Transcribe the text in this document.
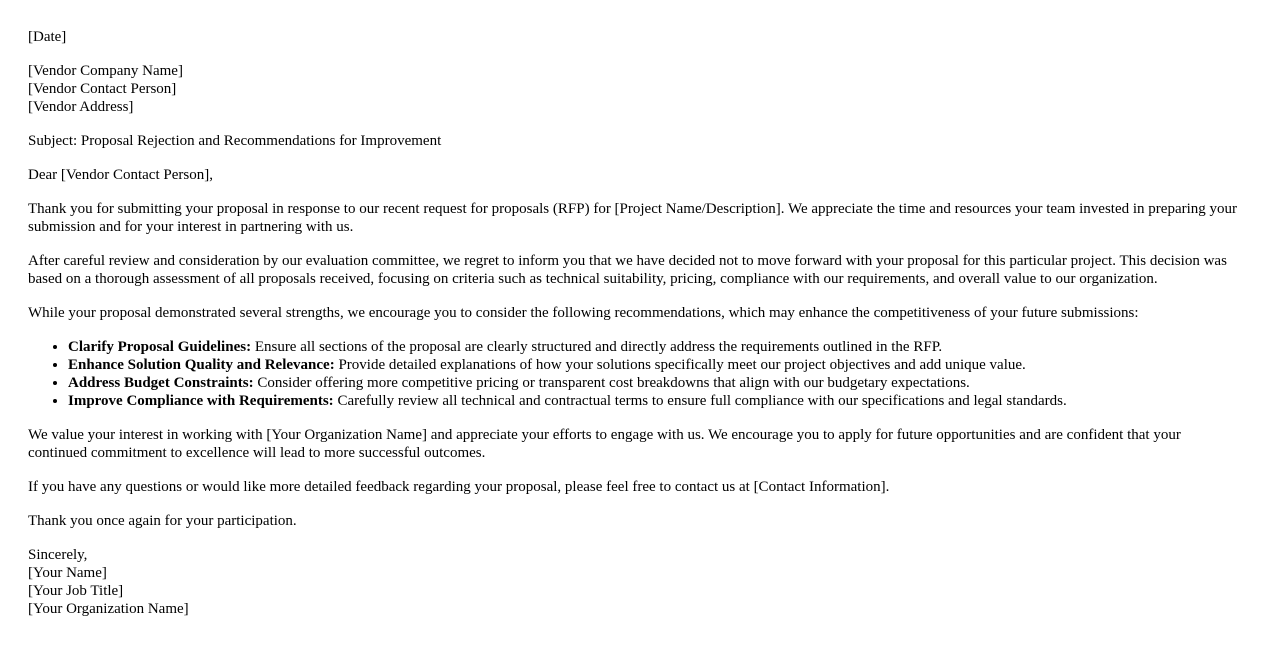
[Date]
[Vendor Company Name]
[Vendor Contact Person]
[Vendor Address]

Subject: Proposal Rejection and Recommendations for Improvement

Dear [Vendor Contact Person],

Thank you for submitting your proposal in response to our recent request for proposals (RFP) for [Project Name/Description]. We appreciate the time and resources your team invested in preparing your submission and for your interest in partnering with us.

After careful review and consideration by our evaluation committee, we regret to inform you that we have decided not to move forward with your proposal for this particular project. This decision was based on a thorough assessment of all proposals received, focusing on criteria such as technical suitability, pricing, compliance with our requirements, and overall value to our organization.

While your proposal demonstrated several strengths, we encourage you to consider the following recommendations, which may enhance the competitiveness of your future submissions:

• Clarify Proposal Guidelines: Ensure all sections of the proposal are clearly structured and directly address the requirements outlined in the RFP.
• Enhance Solution Quality and Relevance: Provide detailed explanations of how your solutions specifically meet our project objectives and add unique value.
• Address Budget Constraints: Consider offering more competitive pricing or transparent cost breakdowns that align with our budgetary expectations.
• Improve Compliance with Requirements: Carefully review all technical and contractual terms to ensure full compliance with our specifications and legal standards.

We value your interest in working with [Your Organization Name] and appreciate your efforts to engage with us. We encourage you to apply for future opportunities and are confident that your continued commitment to excellence will lead to more successful outcomes.

If you have any questions or would like more detailed feedback regarding your proposal, please feel free to contact us at [Contact Information].

Thank you once again for your participation.

Sincerely,
[Your Name]
[Your Job Title]
[Your Organization Name]
